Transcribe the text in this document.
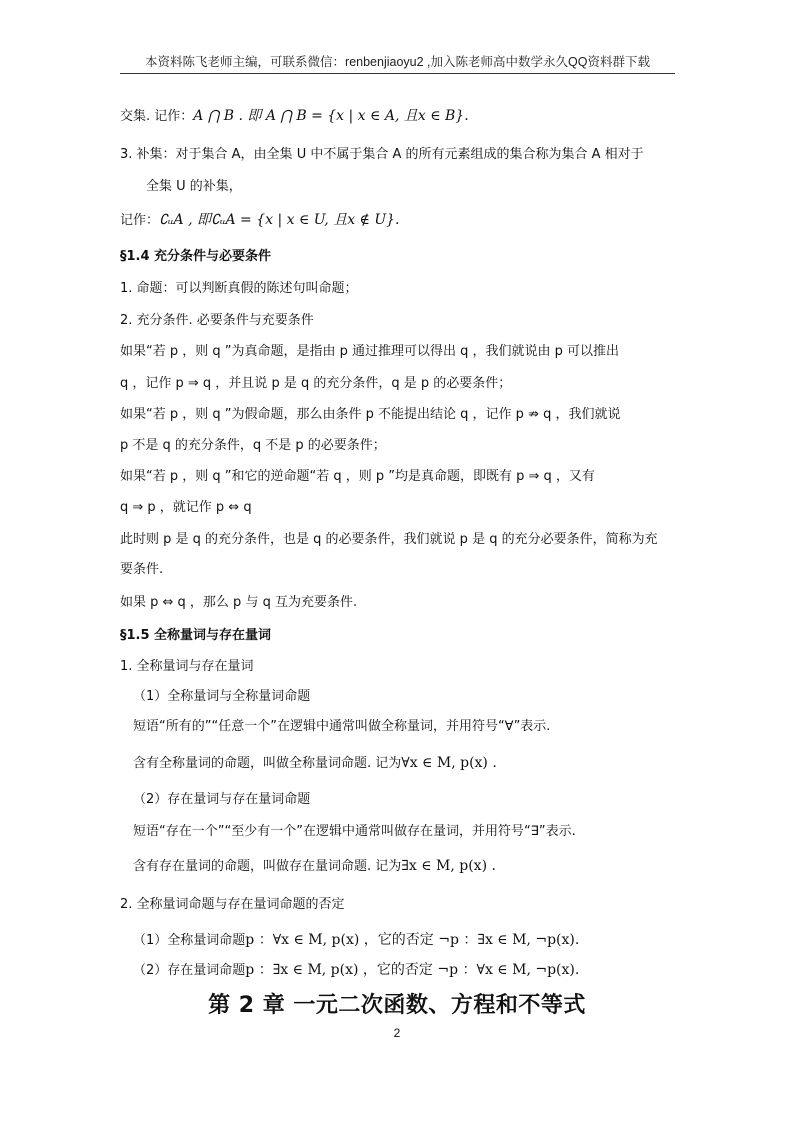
本资料陈飞老师主编，可联系微信：renbenjiaoyu2 ,加入陈老师高中数学永久QQ资料群下载
交集. 记作：A ⋂ B . 即 A ⋂ B = {x | x ∈ A, 且x ∈ B}.
3. 补集：对于集合 A，由全集 U 中不属于集合 A 的所有元素组成的集合称为集合 A 相对于
全集 U 的补集，
记作：∁ᵤA , 即∁ᵤA = {x | x ∈ U, 且x ∉ U}.
§1.4 充分条件与必要条件
1. 命题：可以判断真假的陈述句叫命题；
2. 充分条件. 必要条件与充要条件
如果“若 p ，则 q ”为真命题，是指由 p 通过推理可以得出 q ，我们就说由 p 可以推出
q ，记作 p ⇒ q ，并且说 p 是 q 的充分条件，q 是 p 的必要条件；
如果“若 p ，则 q ”为假命题，那么由条件 p 不能提出结论 q ，记作 p ⇏ q ，我们就说
p 不是 q 的充分条件，q 不是 p 的必要条件；
如果“若 p ，则 q ”和它的逆命题“若 q ，则 p ”均是真命题，即既有 p ⇒ q ，又有
q ⇒ p ，就记作 p ⇔ q
此时则 p 是 q 的充分条件，也是 q 的必要条件，我们就说 p 是 q 的充分必要条件，简称为充
要条件.
如果 p ⇔ q ，那么 p 与 q 互为充要条件.
§1.5 全称量词与存在量词
1. 全称量词与存在量词
（1）全称量词与全称量词命题
短语“所有的”“任意一个”在逻辑中通常叫做全称量词，并用符号“∀”表示.
含有全称量词的命题，叫做全称量词命题. 记为∀x ∈ M, p(x) .
（2）存在量词与存在量词命题
短语“存在一个”“至少有一个”在逻辑中通常叫做存在量词，并用符号“∃”表示.
含有存在量词的命题，叫做存在量词命题. 记为∃x ∈ M, p(x) .
2. 全称量词命题与存在量词命题的否定
（1）全称量词命题p ：∀x ∈ M, p(x) ，它的否定 ¬p ：∃x ∈ M, ¬p(x).
（2）存在量词命题p ：∃x ∈ M, p(x) ，它的否定 ¬p ：∀x ∈ M, ¬p(x).
第 2 章 一元二次函数、方程和不等式
2
